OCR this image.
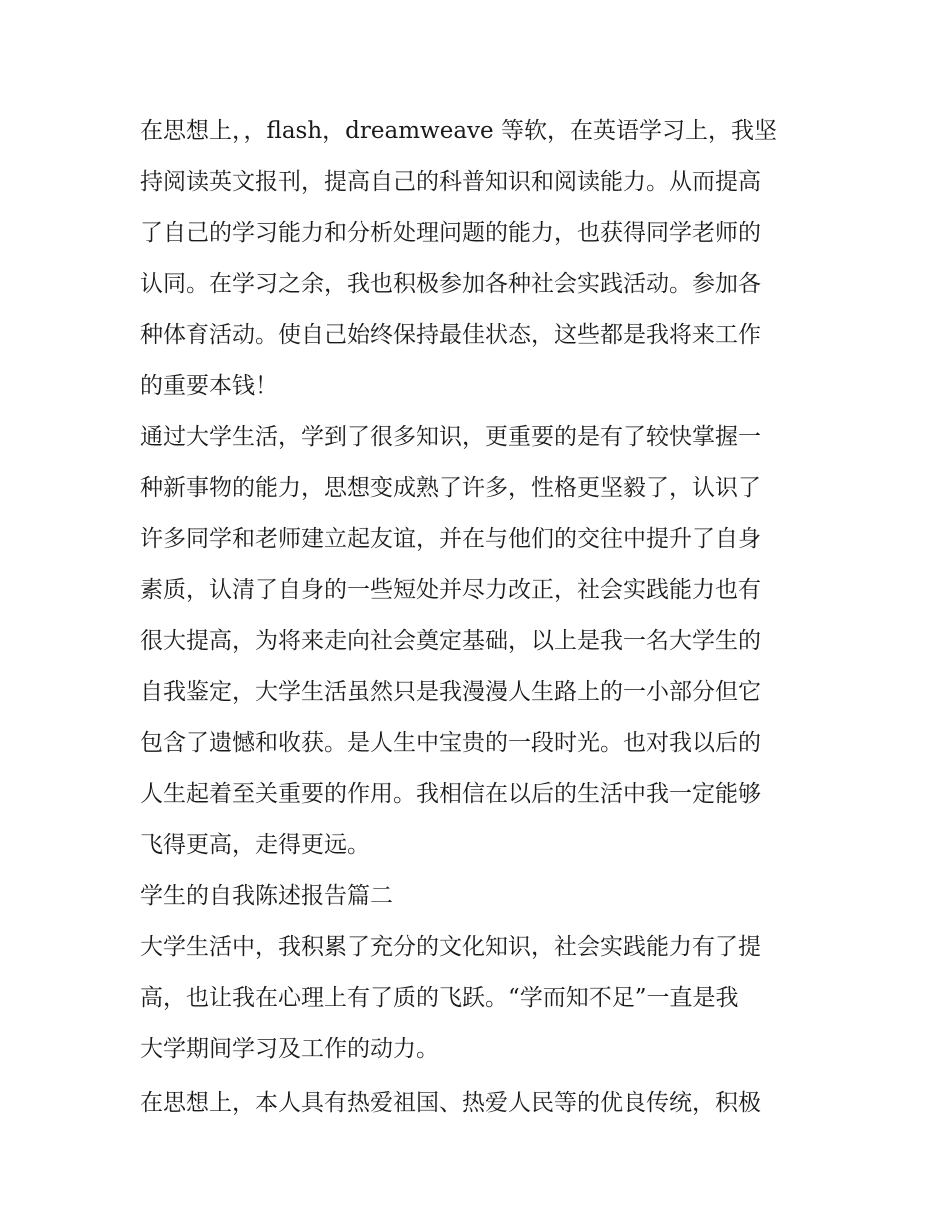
在思想上，，flash，dreamweave 等软，在英语学习上，我坚
持阅读英文报刊，提高自己的科普知识和阅读能力。从而提高
了自己的学习能力和分析处理问题的能力，也获得同学老师的
认同。在学习之余，我也积极参加各种社会实践活动。参加各
种体育活动。使自己始终保持最佳状态，这些都是我将来工作
的重要本钱！
通过大学生活，学到了很多知识，更重要的是有了较快掌握一
种新事物的能力，思想变成熟了许多，性格更坚毅了，认识了
许多同学和老师建立起友谊，并在与他们的交往中提升了自身
素质，认清了自身的一些短处并尽力改正，社会实践能力也有
很大提高，为将来走向社会奠定基础，以上是我一名大学生的
自我鉴定，大学生活虽然只是我漫漫人生路上的一小部分但它
包含了遗憾和收获。是人生中宝贵的一段时光。也对我以后的
人生起着至关重要的作用。我相信在以后的生活中我一定能够
飞得更高，走得更远。
学生的自我陈述报告篇二
大学生活中，我积累了充分的文化知识，社会实践能力有了提
高，也让我在心理上有了质的飞跃。“学而知不足”一直是我
大学期间学习及工作的动力。
在思想上，本人具有热爱祖国、热爱人民等的优良传统，积极
